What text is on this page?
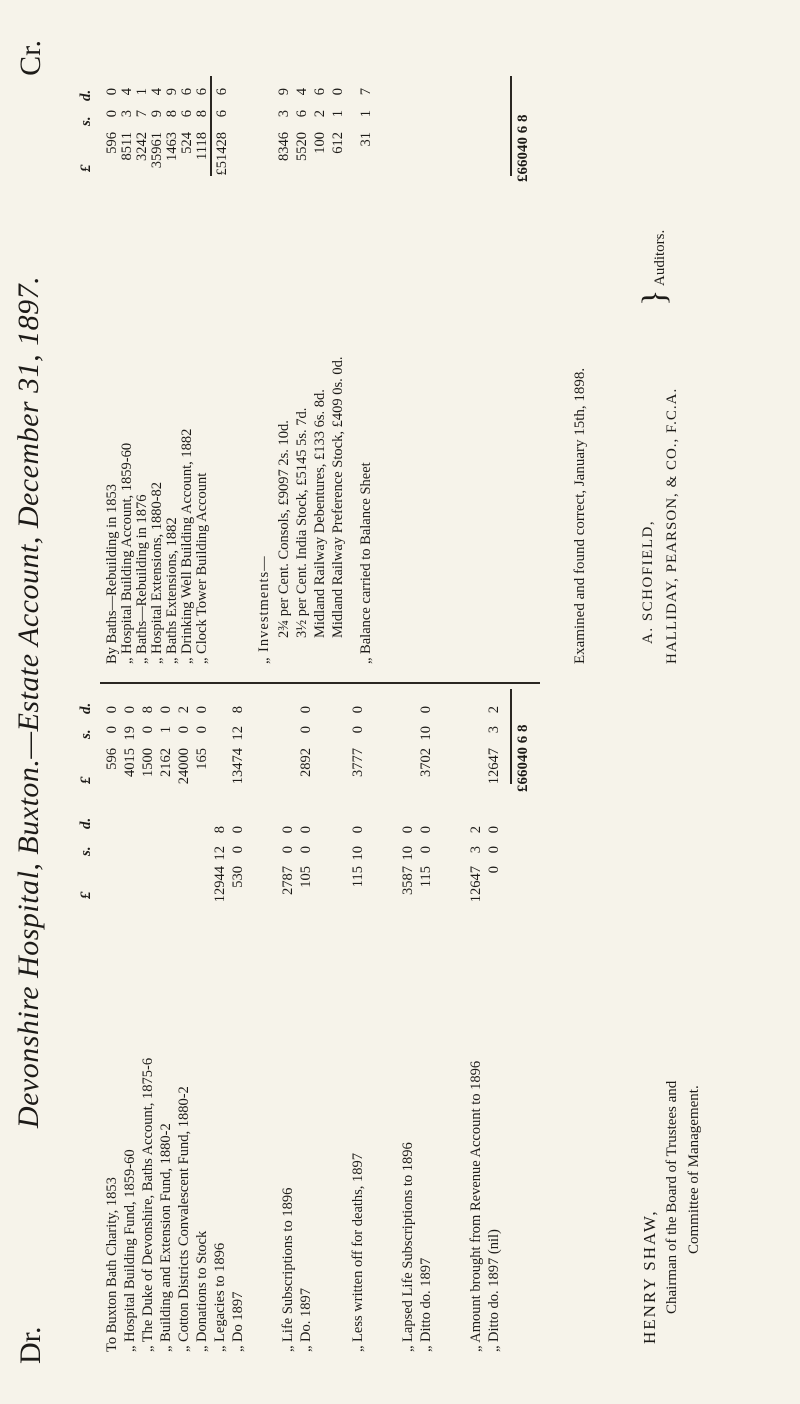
Dr.
Devonshire Hospital, Buxton.—Estate Account, December 31, 1897.
Cr.
£
s.
d.
£
s.
d.
£
s.
d.
To Buxton Bath Charity, 1853
596
0
0
„ Hospital Building Fund, 1859-60
4015
19
0
„ The Duke of Devonshire, Baths Account, 1875-6
1500
0
8
„ Building and Extension Fund, 1880-2
2162
1
0
„ Cotton Districts Convalescent Fund, 1880-2
24000
0
2
„ Donations to Stock
165
0
0
„ Legacies to 1896
12944
12
8
„ Do 1897
530
0
0
13474
12
8
„ Life Subscriptions to 1896
2787
0
0
„ Do. 1897
105
0
0
2892
0
0
„ Less written off for deaths, 1897
115
10
0
3777
0
0
„ Lapsed Life Subscriptions to 1896
3587
10
0
„ Ditto do. 1897
115
0
0
3702
10
0
„ Amount brought from Revenue Account to 1896
12647
3
2
„ Ditto do. 1897 (nil)
0
0
0
12647
3
2
£66040 6 8
By Baths—Rebuilding in 1853
596
0
0
„ Hospital Building Account, 1859-60
8511
3
4
„ Baths—Rebuilding in 1876
3242
7
1
„ Hospital Extensions, 1880-82
35961
9
4
„ Baths Extensions, 1882
1463
8
9
„ Drinking Well Building Account, 1882
524
6
6
„ Clock Tower Building Account
1118
8
6
£51428
6
6
„ Investments— 2¾ per Cent. Consols, £9097 2s. 10d.
8346
3
9
3½ per Cent. India Stock, £5145 5s. 7d.
5520
6
4
Midland Railway Debentures, £133 6s. 8d.
100
2
6
Midland Railway Preference Stock, £409 0s. 0d.
612
1
0
„ Balance carried to Balance Sheet
31
1
7
£66040 6 8
Examined and found correct, January 15th, 1898.
HENRY SHAW, Chairman of the Board of Trustees and Committee of Management.
A. SCHOFIELD, HALLIDAY, PEARSON, & CO., F.C.A.
}
Auditors.
